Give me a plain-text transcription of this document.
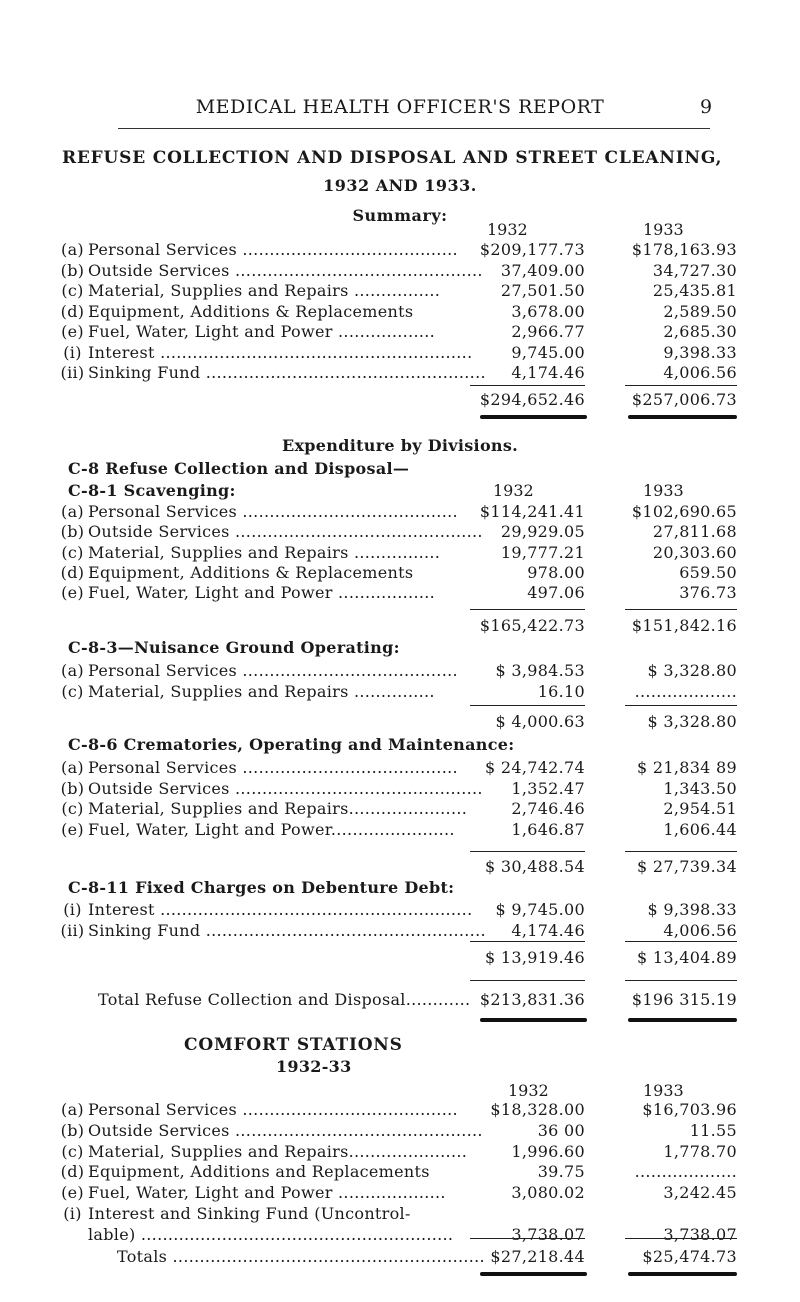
MEDICAL HEALTH OFFICER'S REPORT	9
REFUSE COLLECTION AND DISPOSAL AND STREET CLEANING,
1932 AND 1933.
Summary:
1932	1933
(a) Personal Services ........................................	$209,177.73	$178,163.93
(b) Outside Services ..............................................	37,409.00	34,727.30
(c) Material, Supplies and Repairs ................	27,501.50	25,435.81
(d) Equipment, Additions & Replacements	3,678.00	2,589.50
(e) Fuel, Water, Light and Power ..................	2,966.77	2,685.30
(i) Interest ..........................................................	9,745.00	9,398.33
(ii) Sinking Fund ....................................................	4,174.46	4,006.56
$294,652.46	$257,006.73
Expenditure by Divisions.
C-8 Refuse Collection and Disposal—
C-8-1 Scavenging:	1932	1933
(a) Personal Services ........................................	$114,241.41	$102,690.65
(b) Outside Services ..............................................	29,929.05	27,811.68
(c) Material, Supplies and Repairs ................	19,777.21	20,303.60
(d) Equipment, Additions & Replacements	978.00	659.50
(e) Fuel, Water, Light and Power ..................	497.06	376.73
$165,422.73	$151,842.16
C-8-3—Nuisance Ground Operating:
(a) Personal Services ........................................	$ 3,984.53	$ 3,328.80
(c) Material, Supplies and Repairs ...............	16.10	...................
$ 4,000.63	$ 3,328.80
C-8-6 Crematories, Operating and Maintenance:
(a) Personal Services ........................................	$ 24,742.74	$ 21,834 89
(b) Outside Services ..............................................	1,352.47	1,343.50
(c) Material, Supplies and Repairs......................	2,746.46	2,954.51
(e) Fuel, Water, Light and Power.......................	1,646.87	1,606.44
$ 30,488.54	$ 27,739.34
C-8-11 Fixed Charges on Debenture Debt:
(i) Interest ..........................................................	$ 9,745.00	$ 9,398.33
(ii) Sinking Fund ....................................................	4,174.46	4,006.56
$ 13,919.46	$ 13,404.89
Total Refuse Collection and Disposal............ $213,831.36	$196 315.19
COMFORT STATIONS
1932-33
1932	1933
(a) Personal Services ........................................	$18,328.00	$16,703.96
(b) Outside Services ..............................................	36 00	11.55
(c) Material, Supplies and Repairs......................	1,996.60	1,778.70
(d) Equipment, Additions and Replacements	39.75	...................
(e) Fuel, Water, Light and Power ....................	3,080.02	3,242.45
(i) Interest and Sinking Fund (Uncontrol-
lable) ..........................................................	3,738.07	3,738.07
Totals .......................................................... $27,218.44	$25,474.73
